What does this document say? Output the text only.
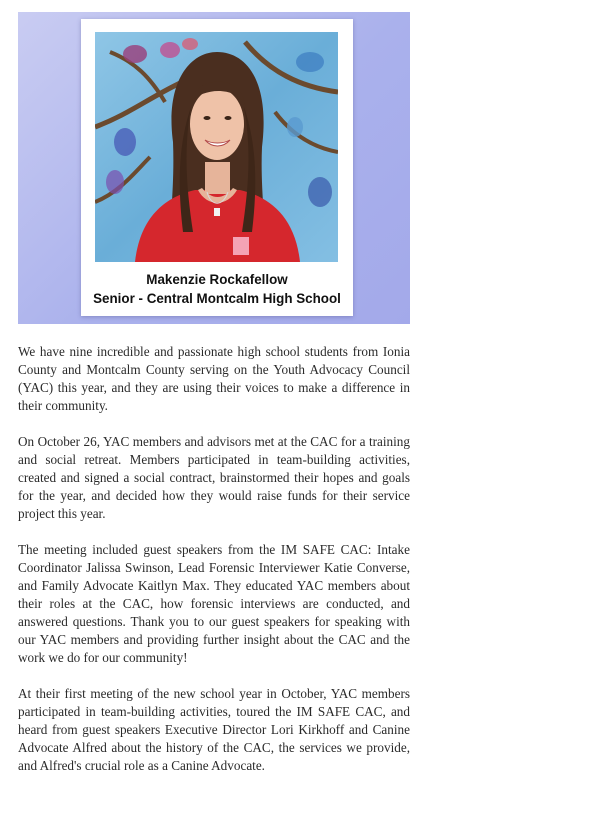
Makenzie Rockafellow
Senior - Central Montcalm High School

We have nine incredible and passionate high school students from Ionia County and Montcalm County serving on the Youth Advocacy Council (YAC) this year, and they are using their voices to make a difference in their community.

On October 26, YAC members and advisors met at the CAC for a training and social retreat. Members participated in team-building activities, created and signed a social contract, brainstormed their hopes and goals for the year, and decided how they would raise funds for their service project this year.

The meeting included guest speakers from the IM SAFE CAC: Intake Coordinator Jalissa Swinson, Lead Forensic Interviewer Katie Converse, and Family Advocate Kaitlyn Max. They educated YAC members about their roles at the CAC, how forensic interviews are conducted, and answered questions. Thank you to our guest speakers for speaking with our YAC members and providing further insight about the CAC and the work we do for our community!

At their first meeting of the new school year in October, YAC members participated in team-building activities, toured the IM SAFE CAC, and heard from guest speakers Executive Director Lori Kirkhoff and Canine Advocate Alfred about the history of the CAC, the services we provide, and Alfred's crucial role as a Canine Advocate.
